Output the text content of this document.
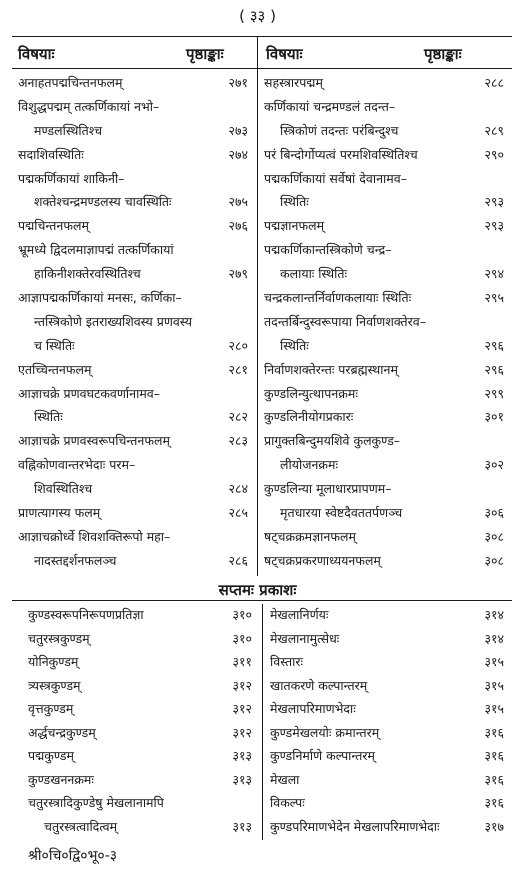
( ३३ )
विषयाः	पृष्ठाङ्काः	विषयाः	पृष्ठाङ्काः
अनाहतपद्मचिन्तनफलम्	२७१
विशुद्धपद्मम् तत्कर्णिकायां नभो–
मण्डलस्थितिश्च	२७३
सदाशिवस्थितिः	२७४
पद्मकर्णिकायां शाकिनी–
शक्तेश्चन्द्रमण्डलस्य चावस्थितिः	२७५
पद्मचिन्तनफलम्	२७६
भ्रूमध्ये द्विदलमाज्ञापद्मं तत्कर्णिकायां
हाकिनीशक्तेरवस्थितिश्च	२७९
आज्ञापद्मकर्णिकायां मनसः, कर्णिका–
न्तस्त्रिकोणे इतराख्यशिवस्य प्रणवस्य
च स्थितिः	२८०
एतच्चिन्तनफलम्	२८१
आज्ञाचक्रे प्रणवघटकवर्णानामव–
स्थितिः	२८२
आज्ञाचक्रे प्रणवस्वरूपचिन्तनफलम्	२८३
वह्निकोणवान्तरभेदाः परम–
शिवस्थितिश्च	२८४
प्राणत्यागस्य फलम्	२८५
आज्ञाचक्रोर्ध्वे शिवशक्तिरूपो महा–
नादस्तद्दर्शनफलञ्च	२८६
सहस्त्रारपद्मम्	२८८
कर्णिकायां चन्द्रमण्डलं तदन्त–
स्त्रिकोणं तदन्तः परंबिन्दुश्च	२८९
परं बिन्दोर्गोप्यत्वं परमशिवस्थितिश्च	२९०
पद्मकर्णिकायां सर्वेषां देवानामव–
स्थितिः	२९३
पद्मज्ञानफलम्	२९३
पद्मकर्णिकान्तस्त्रिकोणे चन्द्र–
कलायाः स्थितिः	२९४
चन्द्रकलान्तर्निर्वाणकलायाः स्थितिः	२९५
तदन्तर्बिन्दुस्वरूपाया निर्वाणशक्तेरव–
स्थितिः	२९६
निर्वाणशक्तेरन्तः परब्रह्मस्थानम्	२९६
कुण्डलिन्युत्थापनक्रमः	२९९
कुण्डलिनीयोगप्रकारः	३०१
प्रागुक्तबिन्दुमयशिवे कुलकुण्ड–
लीयोजनक्रमः	३०२
कुण्डलिन्या मूलाधारप्रापणम–
मृतधारया स्वेष्टदैवततर्पणञ्च	३०६
षट्चक्रक्रमज्ञानफलम्	३०८
षट्चक्रप्रकरणाध्ययनफलम्	३०८
सप्तमः प्रकाशः
कुण्डस्वरूपनिरूपणप्रतिज्ञा	३१०
चतुरस्त्रकुण्डम्	३१०
योनिकुण्डम्	३११
त्र्यस्त्रकुण्डम्	३१२
वृत्तकुण्डम्	३१२
अर्द्धचन्द्रकुण्डम्	३१२
पद्मकुण्डम्	३१३
कुण्डखननक्रमः	३१३
चतुरस्त्रादिकुण्डेषु मेखलानामपि
चतुरस्त्रत्वादित्वम्	३१३
मेखलानिर्णयः	३१४
मेखलानामुत्सेधः	३१४
विस्तारः	३१५
खातकरणे कल्पान्तरम्	३१५
मेखलापरिमाणभेदाः	३१५
कुण्डमेखलयोः क्रमान्तरम्	३१६
कुण्डनिर्माणे कल्पान्तरम्	३१६
मेखला	३१६
विकल्पः	३१६
कुण्डपरिमाणभेदेन मेखलापरिमाणभेदाः	३१७
श्री०चि०द्वि०भू०-३
